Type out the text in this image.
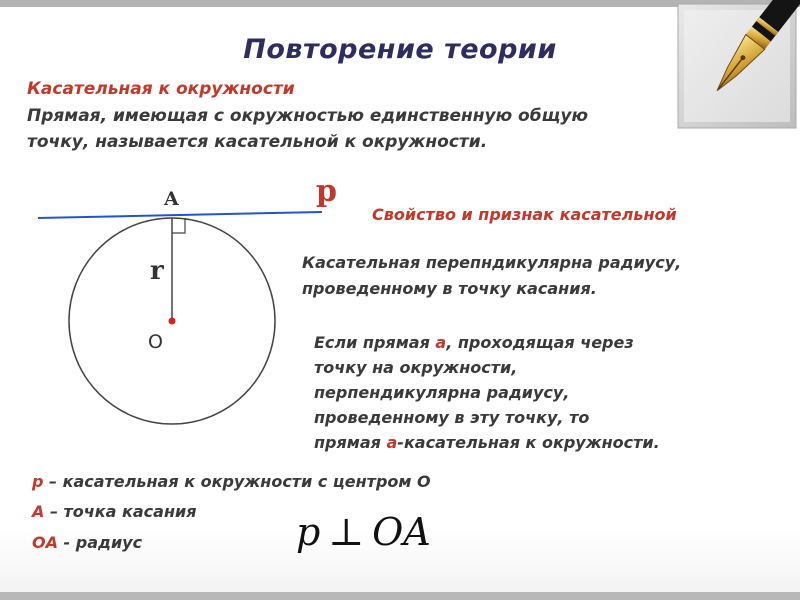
Повторение теории
Касательная к окружности
Прямая, имеющая с окружностью единственную общую
точку, называется касательной к окружности.
A	p
r
O
Свойство и признак касательной
Касательная перепндикулярна радиусу,
проведенному в точку касания.
Если прямая а, проходящая через
точку на окружности,
перпендикулярна радиусу,
проведенному в эту точку, то
прямая а-касательная к окружности.
р – касательная к окружности с центром О
А – точка касания
ОА - радиус	p ⊥ OA
